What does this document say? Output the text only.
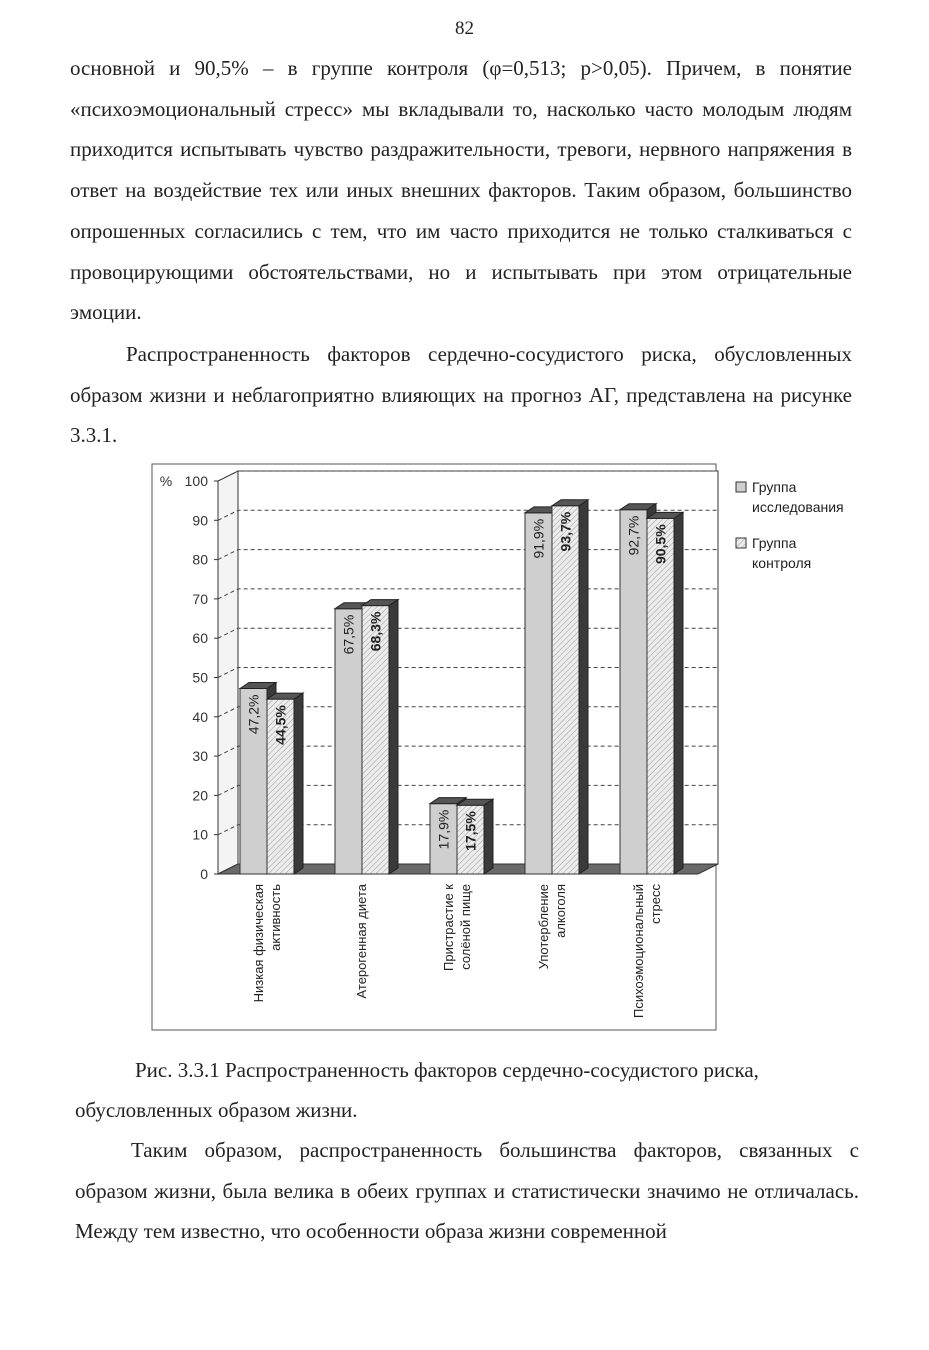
82

основной и 90,5% – в группе контроля (φ=0,513; p>0,05). Причем, в понятие «психоэмоциональный стресс» мы вкладывали то, насколько часто молодым людям приходится испытывать чувство раздражительности, тревоги, нервного напряжения в ответ на воздействие тех или иных внешних факторов. Таким образом, большинство опрошенных согласились с тем, что им часто приходится не только сталкиваться с провоцирующими обстоятельствами, но и испытывать при этом отрицательные эмоции.

Распространенность факторов сердечно-сосудистого риска, обусловленных образом жизни и неблагоприятно влияющих на прогноз АГ, представлена на рисунке 3.3.1.

0
10
20
30
40
50
60
70
80
90
100
%
47,2% 44,5%
Низкая физическая активность
67,5% 68,3%
Атерогенная диета
17,9% 17,5%
Пристрастие к солёной пище
91,9% 93,7%
Употербление алкоголя
92,7% 90,5%
Психоэмоциональный стресс
Группа
исследования
Группа
контроля

Рис. 3.3.1 Распространенность факторов сердечно-сосудистого риска, обусловленных образом жизни.

Таким образом, распространенность большинства факторов, связанных с образом жизни, была велика в обеих группах и статистически значимо не отличалась. Между тем известно, что особенности образа жизни современной
